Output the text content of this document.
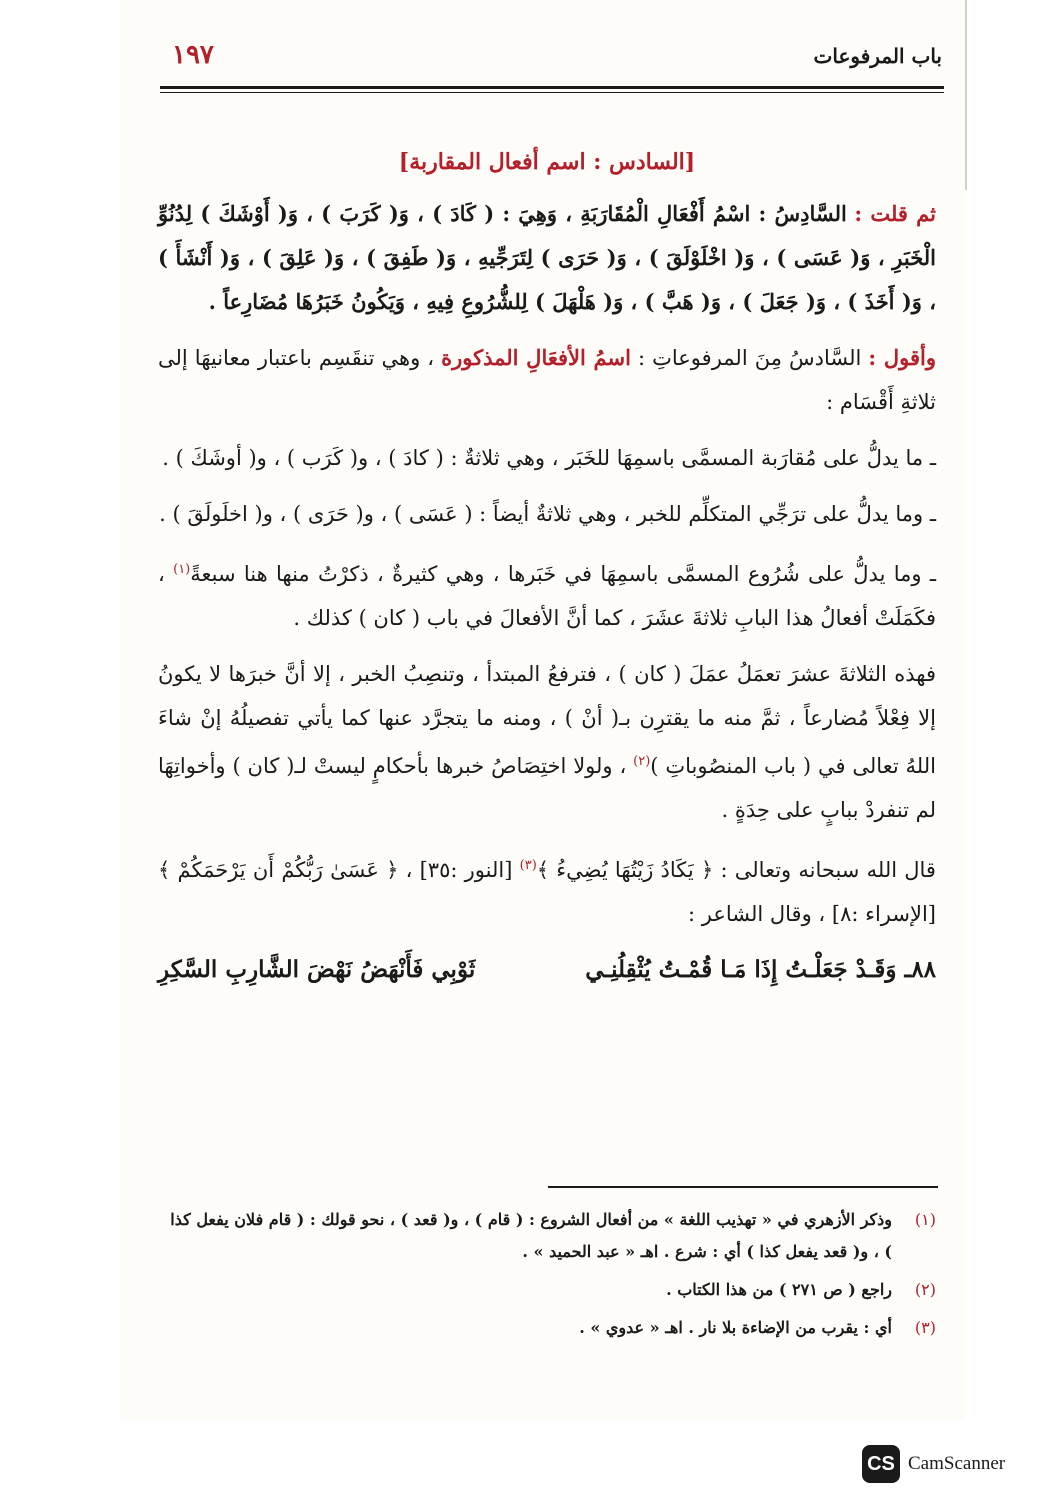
باب المرفوعات
١٩٧

[السادس : اسم أفعال المقاربة]

ثم قلت : السَّادِسُ : اسْمُ أَفْعَالِ الْمُقَارَبَةِ ، وَهِيَ : ( كَادَ ) ، وَ( كَرَبَ ) ، وَ( أَوْشَكَ ) لِدُنُوِّ الْخَبَرِ ، وَ( عَسَى ) ، وَ( اخْلَوْلَقَ ) ، وَ( حَرَى ) لِتَرَجِّيهِ ، وَ( طَفِقَ ) ، وَ( عَلِقَ ) ، وَ( أَنْشَأَ ) ، وَ( أَخَذَ ) ، وَ( جَعَلَ ) ، وَ( هَبَّ ) ، وَ( هَلْهَلَ ) لِلشُّرُوعِ فِيهِ ، وَيَكُونُ خَبَرُهَا مُضَارِعاً .

وأقول : السَّادسُ مِنَ المرفوعاتِ : اسمُ الأفعَالِ المذكورة ، وهي تنقَسِم باعتبار معانيهَا إلى ثلاثةِ أَقْسَام :

ـ ما يدلُّ على مُقارَبة المسمَّى باسمِهَا للخَبَر ، وهي ثلاثةٌ : ( كادَ ) ، و( كَرَب ) ، و( أوشَكَ ) .

ـ وما يدلُّ على ترَجِّي المتكلِّم للخبر ، وهي ثلاثةٌ أيضاً : ( عَسَى ) ، و( حَرَى ) ، و( اخلَولَقَ ) .

ـ وما يدلُّ على شُرُوع المسمَّى باسمِهَا في خَبَرها ، وهي كثيرةٌ ، ذكرْتُ منها هنا سبعةً$^{(١)}$ ، فكَمَلَتْ أفعالُ هذا البابِ ثلاثةَ عشَرَ ، كما أنَّ الأفعالَ في باب ( كان ) كذلك .

فهذه الثلاثةَ عشرَ تعمَلُ عمَلَ ( كان ) ، فترفعُ المبتدأ ، وتنصِبُ الخبر ، إلا أنَّ خبرَها لا يكونُ إلا فِعْلاً مُضارعاً ، ثمَّ منه ما يقترِن بـ( أنْ ) ، ومنه ما يتجرَّد عنها كما يأتي تفصيلُهُ إنْ شاءَ اللهُ تعالى في ( باب المنصُوباتِ )$^{(٢)}$ ، ولولا اختِصَاصُ خبرها بأحكامٍ ليستْ لـ( كان ) وأخواتِهَا لم تنفردْ ببابٍ على حِدَةٍ .

قال الله سبحانه وتعالى : ﴿ يَكَادُ زَيْتُهَا يُضِيءُ ﴾$^{(٣)}$ [النور :٣٥] ، ﴿ عَسَىٰ رَبُّكُمْ أَن يَرْحَمَكُمْ ﴾ [الإسراء :٨] ، وقال الشاعر :

٨٨ـ وَقَـدْ جَعَلْـتُ إِذَا مَـا قُمْـتُ يُثْقِلُنِـي
ثَوْبِي فَأَنْهَضُ نَهْضَ الشَّارِبِ السَّكِرِ
(١)
وذكر الأزهري في « تهذيب اللغة » من أفعال الشروع : ( قام ) ، و( قعد ) ، نحو قولك : ( قام فلان يفعل كذا ) ، و( قعد يفعل كذا ) أي : شرع . اهـ « عبد الحميد » .
(٢)
راجع ( ص ٢٧١ ) من هذا الكتاب .
(٣)
أي : يقرب من الإضاءة بلا نار . اهـ « عدوي » .
CS CamScanner
